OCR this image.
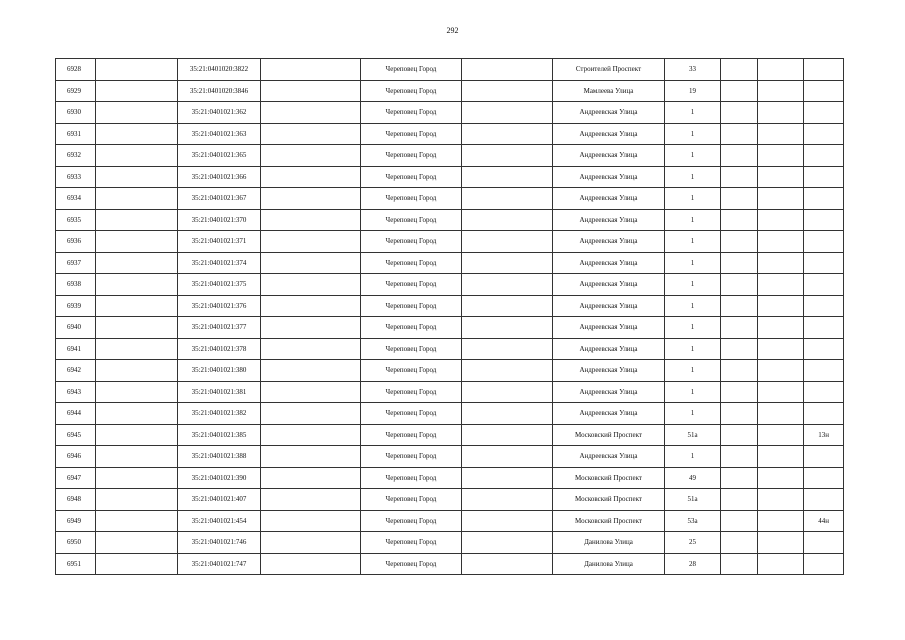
292
6928		35:21:0401020:3822		Череповец Город		Строителей Проспект	33			
6929		35:21:0401020:3846		Череповец Город		Мамлеева Улица	19			
6930		35:21:0401021:362		Череповец Город		Андреевская Улица	1			
6931		35:21:0401021:363		Череповец Город		Андреевская Улица	1			
6932		35:21:0401021:365		Череповец Город		Андреевская Улица	1			
6933		35:21:0401021:366		Череповец Город		Андреевская Улица	1			
6934		35:21:0401021:367		Череповец Город		Андреевская Улица	1			
6935		35:21:0401021:370		Череповец Город		Андреевская Улица	1			
6936		35:21:0401021:371		Череповец Город		Андреевская Улица	1			
6937		35:21:0401021:374		Череповец Город		Андреевская Улица	1			
6938		35:21:0401021:375		Череповец Город		Андреевская Улица	1			
6939		35:21:0401021:376		Череповец Город		Андреевская Улица	1			
6940		35:21:0401021:377		Череповец Город		Андреевская Улица	1			
6941		35:21:0401021:378		Череповец Город		Андреевская Улица	1			
6942		35:21:0401021:380		Череповец Город		Андреевская Улица	1			
6943		35:21:0401021:381		Череповец Город		Андреевская Улица	1			
6944		35:21:0401021:382		Череповец Город		Андреевская Улица	1			
6945		35:21:0401021:385		Череповец Город		Московский Проспект	51а			13н
6946		35:21:0401021:388		Череповец Город		Андреевская Улица	1			
6947		35:21:0401021:390		Череповец Город		Московский Проспект	49			
6948		35:21:0401021:407		Череповец Город		Московский Проспект	51а			
6949		35:21:0401021:454		Череповец Город		Московский Проспект	53а			44н
6950		35:21:0401021:746		Череповец Город		Данилова Улица	25			
6951		35:21:0401021:747		Череповец Город		Данилова Улица	28			
